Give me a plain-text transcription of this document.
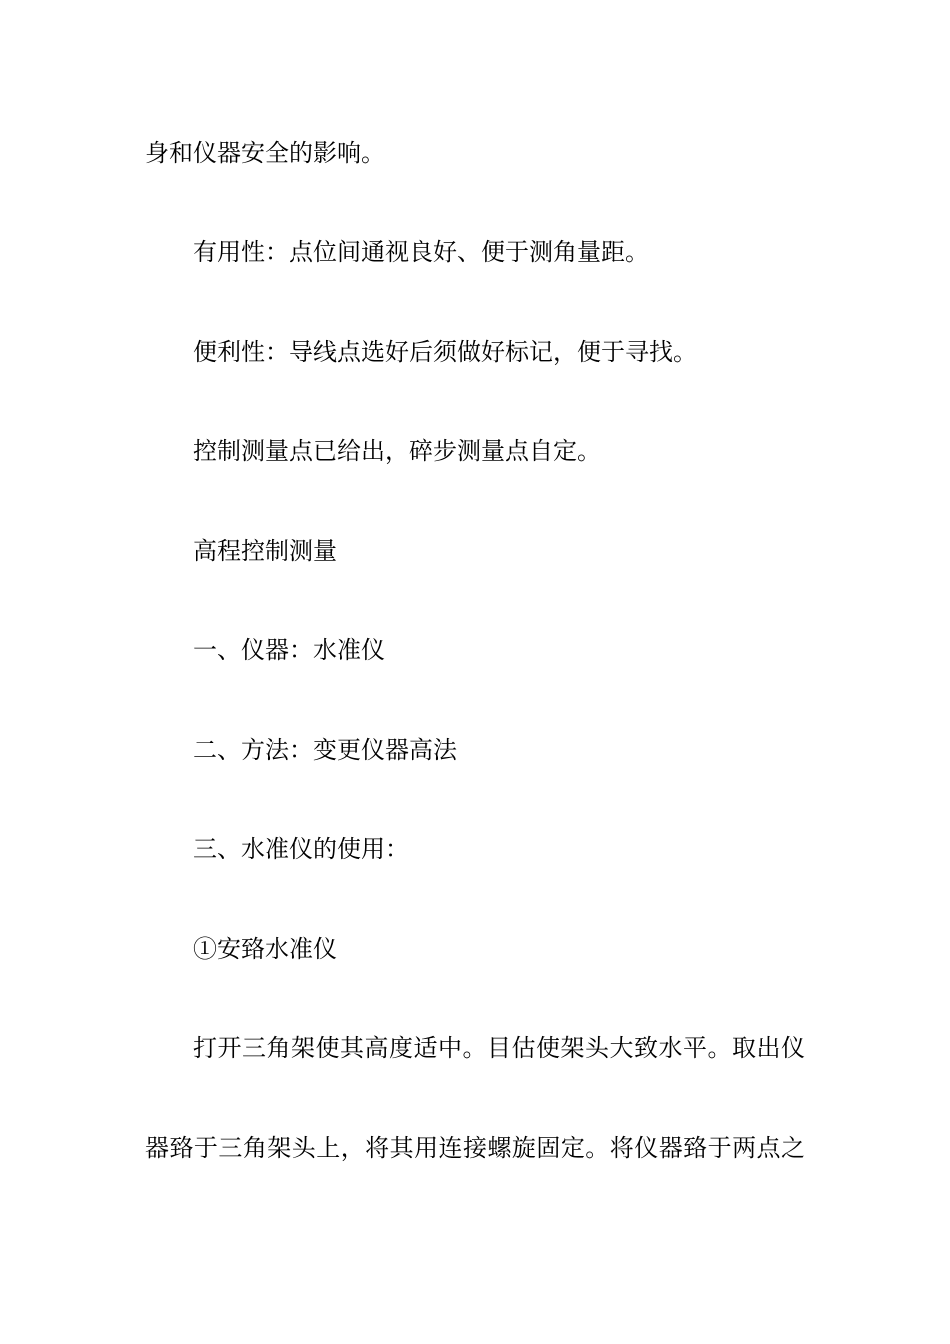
身和仪器安全的影响。

有用性：点位间通视良好、便于测角量距。

便利性：导线点选好后须做好标记，便于寻找。

控制测量点已给出，碎步测量点自定。

高程控制测量

一、仪器：水准仪

二、方法：变更仪器高法

三、水准仪的使用：

①安臵水准仪

打开三角架使其高度适中。目估使架头大致水平。取出仪

器臵于三角架头上，将其用连接螺旋固定。将仪器臵于两点之
